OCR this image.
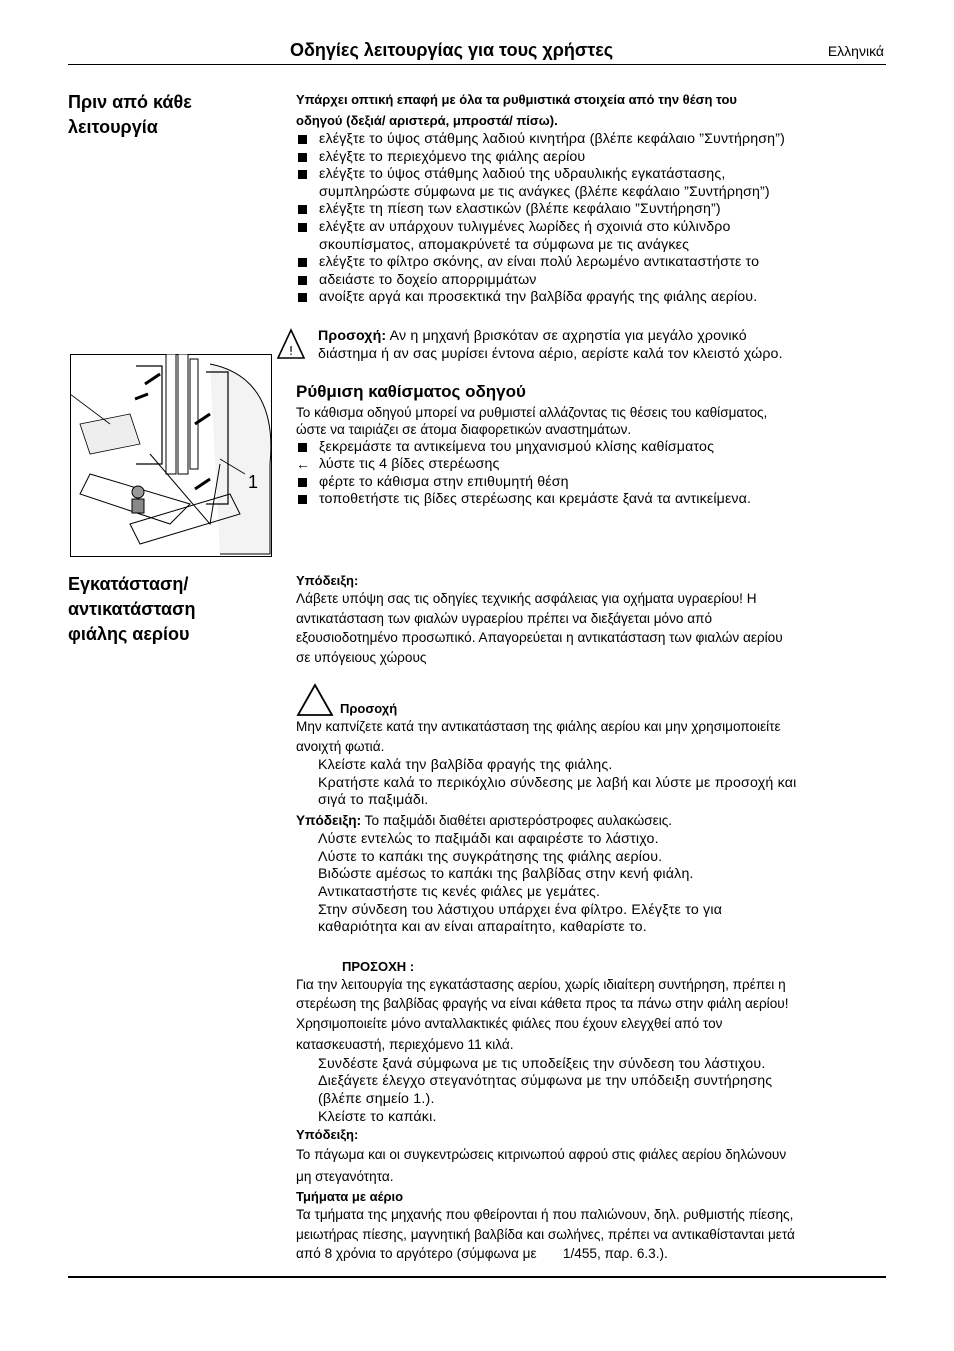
Οδηγίες λειτουργίας για τους χρήστες	Ελληνικά
Πριν από κάθε
λειτουργία
Υπάρχει οπτική επαφή με όλα τα ρυθμιστικά στοιχεία από την θέση του
οδηγού (δεξιά/ αριστερά, μπροστά/ πίσω).
ελέγξτε το ύψος στάθμης λαδιού κινητήρα (βλέπε κεφάλαιο ”Συντήρηση”)
ελέγξτε το περιεχόμενο της φιάλης αερίου
ελέγξτε το ύψος στάθμης λαδιού της υδραυλικής εγκατάστασης,
συμπληρώστε σύμφωνα με τις ανάγκες (βλέπε κεφάλαιο ”Συντήρηση”)
ελέγξτε τη πίεση των ελαστικών (βλέπε κεφάλαιο ”Συντήρηση”)
ελέγξτε αν υπάρχουν τυλιγμένες λωρίδες ή σχοινιά στο κύλινδρο
σκουπίσματος, απομακρύνετέ τα σύμφωνα με τις ανάγκες
ελέγξτε το φίλτρο σκόνης, αν είναι πολύ λερωμένο αντικαταστήστε το
αδειάστε το δοχείο απορριμμάτων
ανοίξτε αργά και προσεκτικά την βαλβίδα φραγής της φιάλης αερίου.
!
Προσοχή: Αν η μηχανή βρισκόταν σε αχρηστία για μεγάλο χρονικό
διάστημα ή αν σας μυρίσει έντονα αέριο, αερίστε καλά τον κλειστό χώρο.
1
Ρύθμιση καθίσματος οδηγού
Το κάθισμα οδηγού μπορεί να ρυθμιστεί αλλάζοντας τις θέσεις του καθίσματος,
ώστε να ταιριάζει σε άτομα διαφορετικών αναστημάτων.
ξεκρεμάστε τα αντικείμενα του μηχανισμού κλίσης καθίσματος
← λύστε τις 4 βίδες στερέωσης
φέρτε το κάθισμα στην επιθυμητή θέση
τοποθετήστε τις βίδες στερέωσης και κρεμάστε ξανά τα αντικείμενα.
Εγκατάσταση/
αντικατάσταση
φιάλης αερίου
Υπόδειξη:
Λάβετε υπόψη σας τις οδηγίες τεχνικής ασφάλειας για οχήματα υγραερίου! Η
αντικατάσταση των φιαλών υγραερίου πρέπει να διεξάγεται μόνο από
εξουσιοδοτημένο προσωπικό. Απαγορεύεται η αντικατάσταση των φιαλών αερίου
σε υπόγειους χώρους
Προσοχή
Μην καπνίζετε κατά την αντικατάσταση της φιάλης αερίου και μην χρησιμοποιείτε
ανοιχτή φωτιά.
Κλείστε καλά την βαλβίδα φραγής της φιάλης.
Κρατήστε καλά το περικόχλιο σύνδεσης με λαβή και λύστε με προσοχή και
σιγά το παξιμάδι.
Υπόδειξη: Το παξιμάδι διαθέτει αριστερόστροφες αυλακώσεις.
Λύστε εντελώς το παξιμάδι και αφαιρέστε το λάστιχο.
Λύστε το καπάκι της συγκράτησης της φιάλης αερίου.
Βιδώστε αμέσως το καπάκι της βαλβίδας στην κενή φιάλη.
Αντικαταστήστε τις κενές φιάλες με γεμάτες.
Στην σύνδεση του λάστιχου υπάρχει ένα φίλτρο. Ελέγξτε το για
καθαριότητα και αν είναι απαραίτητο, καθαρίστε το.
ΠΡΟΣΟΧΗ :
Για την λειτουργία της εγκατάστασης αερίου, χωρίς ιδιαίτερη συντήρηση, πρέπει η
στερέωση της βαλβίδας φραγής να είναι κάθετα προς τα πάνω στην φιάλη αερίου!
Χρησιμοποιείτε μόνο ανταλλακτικές φιάλες που έχουν ελεγχθεί από τον
κατασκευαστή, περιεχόμενο 11 κιλά.
Συνδέστε ξανά σύμφωνα με τις υποδείξεις την σύνδεση του λάστιχου.
Διεξάγετε έλεγχο στεγανότητας σύμφωνα με την υπόδειξη συντήρησης
(βλέπε σημείο 1.).
Κλείστε το καπάκι.
Υπόδειξη:
Το πάγωμα και οι συγκεντρώσεις κιτρινωπού αφρού στις φιάλες αερίου δηλώνουν
μη στεγανότητα.
Τμήματα με αέριο
Τα τμήματα της μηχανής που φθείρονται ή που παλιώνουν, δηλ. ρυθμιστής πίεσης,
μειωτήρας πίεσης, μαγνητική βαλβίδα και σωλήνες, πρέπει να αντικαθίστανται μετά
από 8 χρόνια το αργότερο (σύμφωνα με       1/455, παρ. 6.3.).
